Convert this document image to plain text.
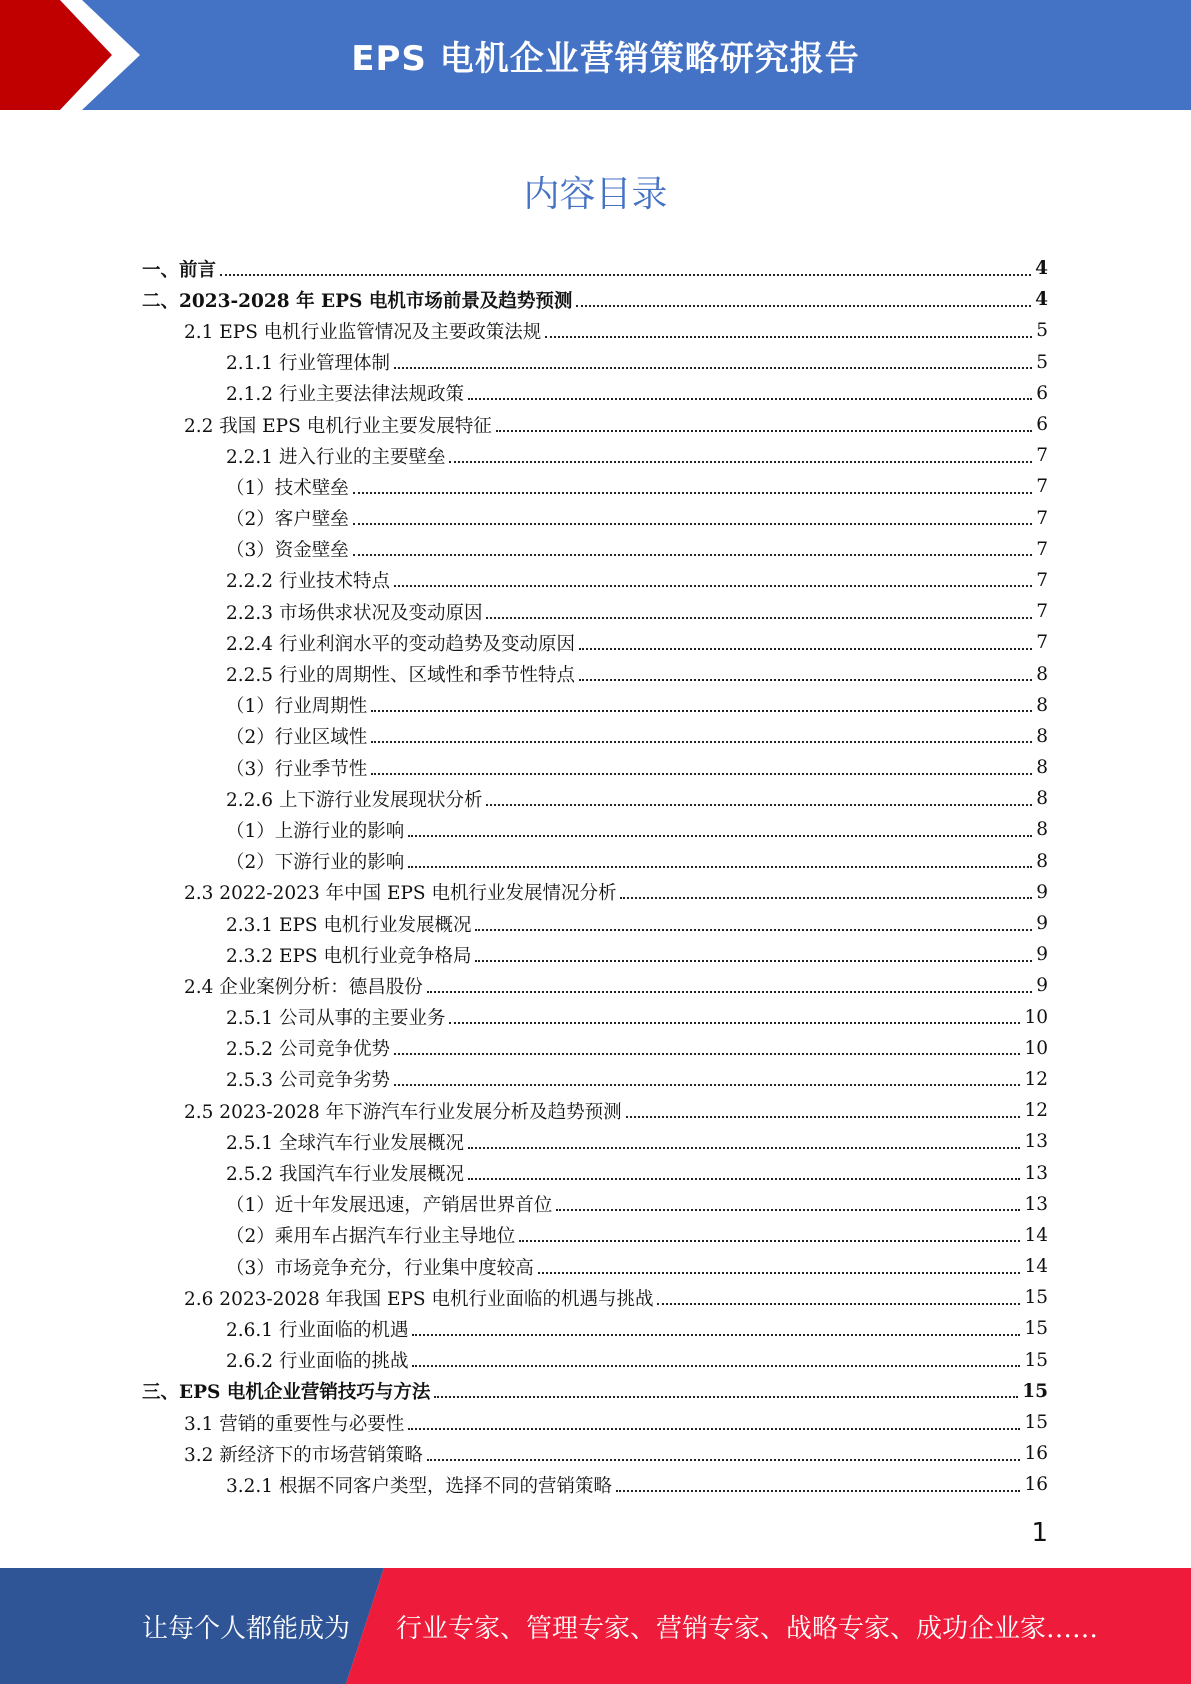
EPS 电机企业营销策略研究报告
内容目录
一、前言	4
二、2023-2028 年 EPS 电机市场前景及趋势预测	4
2.1 EPS 电机行业监管情况及主要政策法规	5
2.1.1 行业管理体制	5
2.1.2 行业主要法律法规政策	6
2.2 我国 EPS 电机行业主要发展特征	6
2.2.1 进入行业的主要壁垒	7
（1）技术壁垒	7
（2）客户壁垒	7
（3）资金壁垒	7
2.2.2 行业技术特点	7
2.2.3 市场供求状况及变动原因	7
2.2.4 行业利润水平的变动趋势及变动原因	7
2.2.5 行业的周期性、区域性和季节性特点	8
（1）行业周期性	8
（2）行业区域性	8
（3）行业季节性	8
2.2.6 上下游行业发展现状分析	8
（1）上游行业的影响	8
（2）下游行业的影响	8
2.3 2022-2023 年中国 EPS 电机行业发展情况分析	9
2.3.1 EPS 电机行业发展概况	9
2.3.2 EPS 电机行业竞争格局	9
2.4 企业案例分析：德昌股份	9
2.5.1 公司从事的主要业务	10
2.5.2 公司竞争优势	10
2.5.3 公司竞争劣势	12
2.5 2023-2028 年下游汽车行业发展分析及趋势预测	12
2.5.1 全球汽车行业发展概况	13
2.5.2 我国汽车行业发展概况	13
（1）近十年发展迅速，产销居世界首位	13
（2）乘用车占据汽车行业主导地位	14
（3）市场竞争充分，行业集中度较高	14
2.6 2023-2028 年我国 EPS 电机行业面临的机遇与挑战	15
2.6.1 行业面临的机遇	15
2.6.2 行业面临的挑战	15
三、EPS 电机企业营销技巧与方法	15
3.1 营销的重要性与必要性	15
3.2 新经济下的市场营销策略	16
3.2.1 根据不同客户类型，选择不同的营销策略	16
1
让每个人都能成为 行业专家、管理专家、营销专家、战略专家、成功企业家……
